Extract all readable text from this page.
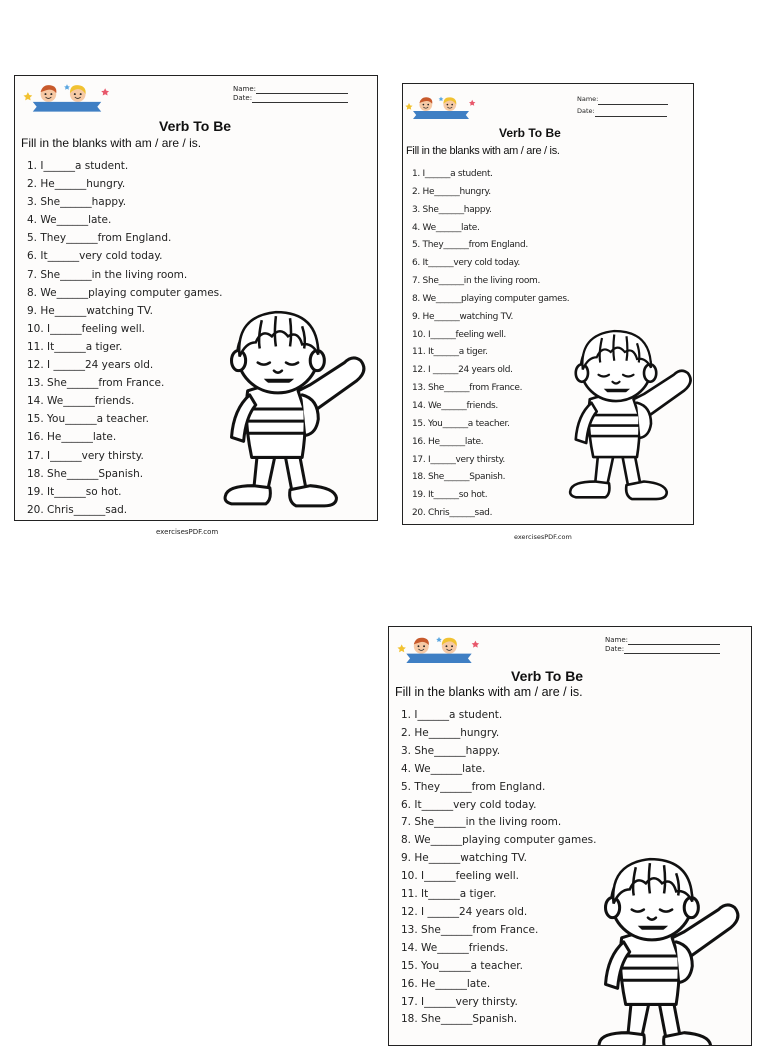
Name:
Date:
Verb To Be
Fill in the blanks with am / are / is.
1. I______a student.
2. He______hungry.
3. She______happy.
4. We______late.
5. They______from England.
6. It______very cold today.
7. She______in the living room.
8. We______playing computer games.
9. He______watching TV.
10. I______feeling well.
11. It______a tiger.
12. I ______24 years old.
13. She______from France.
14. We______friends.
15. You______a teacher.
16. He______late.
17. I______very thirsty.
18. She______Spanish.
19. It______so hot.
20. Chris______sad.
exercisesPDF.com
Name:
Date:
Verb To Be
Fill in the blanks with am / are / is.
1. I______a student.
2. He______hungry.
3. She______happy.
4. We______late.
5. They______from England.
6. It______very cold today.
7. She______in the living room.
8. We______playing computer games.
9. He______watching TV.
10. I______feeling well.
11. It______a tiger.
12. I ______24 years old.
13. She______from France.
14. We______friends.
15. You______a teacher.
16. He______late.
17. I______very thirsty.
18. She______Spanish.
19. It______so hot.
20. Chris______sad.
exercisesPDF.com
Name:
Date:
Verb To Be
Fill in the blanks with am / are / is.
1. I______a student.
2. He______hungry.
3. She______happy.
4. We______late.
5. They______from England.
6. It______very cold today.
7. She______in the living room.
8. We______playing computer games.
9. He______watching TV.
10. I______feeling well.
11. It______a tiger.
12. I ______24 years old.
13. She______from France.
14. We______friends.
15. You______a teacher.
16. He______late.
17. I______very thirsty.
18. She______Spanish.
